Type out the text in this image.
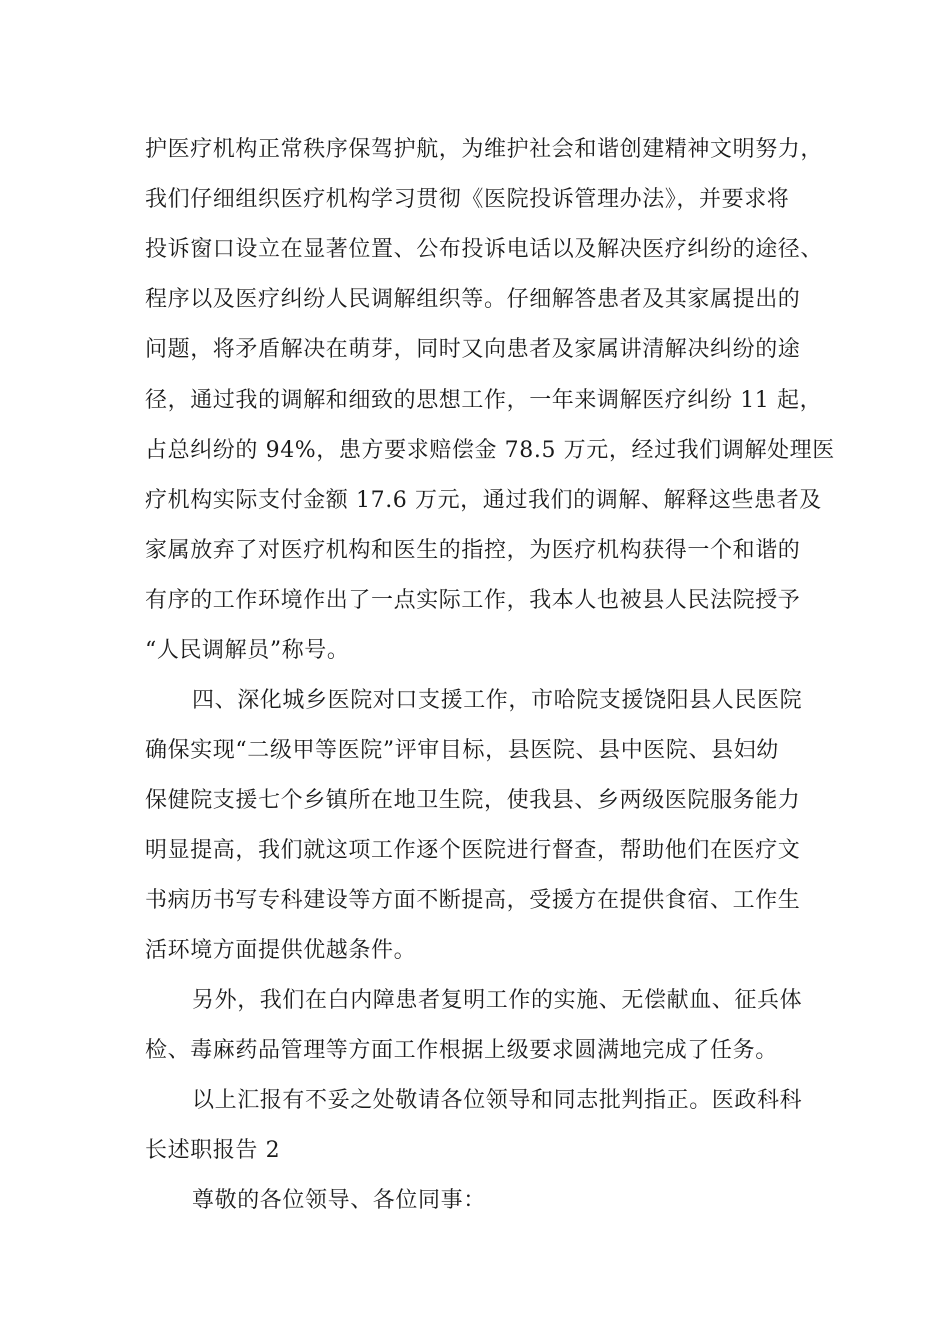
护医疗机构正常秩序保驾护航，为维护社会和谐创建精神文明努力，
我们仔细组织医疗机构学习贯彻《医院投诉管理办法》，并要求将
投诉窗口设立在显著位置、公布投诉电话以及解决医疗纠纷的途径、
程序以及医疗纠纷人民调解组织等。仔细解答患者及其家属提出的
问题，将矛盾解决在萌芽，同时又向患者及家属讲清解决纠纷的途
径，通过我的调解和细致的思想工作，一年来调解医疗纠纷 11 起，
占总纠纷的 94%，患方要求赔偿金 78.5 万元，经过我们调解处理医
疗机构实际支付金额 17.6 万元，通过我们的调解、解释这些患者及
家属放弃了对医疗机构和医生的指控，为医疗机构获得一个和谐的
有序的工作环境作出了一点实际工作，我本人也被县人民法院授予
“人民调解员”称号。
四、深化城乡医院对口支援工作，市哈院支援饶阳县人民医院
确保实现“二级甲等医院”评审目标，县医院、县中医院、县妇幼
保健院支援七个乡镇所在地卫生院，使我县、乡两级医院服务能力
明显提高，我们就这项工作逐个医院进行督查，帮助他们在医疗文
书病历书写专科建设等方面不断提高，受援方在提供食宿、工作生
活环境方面提供优越条件。
另外，我们在白内障患者复明工作的实施、无偿献血、征兵体
检、毒麻药品管理等方面工作根据上级要求圆满地完成了任务。
以上汇报有不妥之处敬请各位领导和同志批判指正。医政科科
长述职报告 2
尊敬的各位领导、各位同事：
